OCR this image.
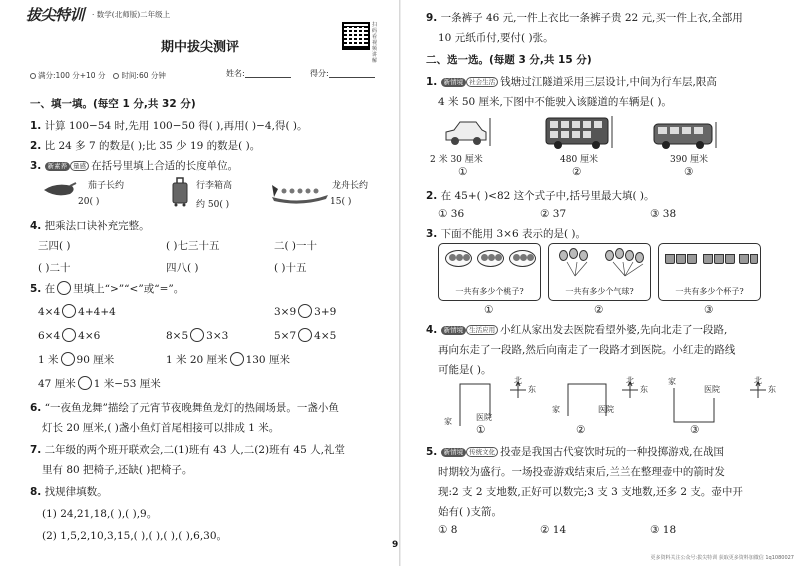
拔尖特训 · 数学(北师版)二年级上
扫码看视频讲解
期中拔尖测评
满分:100 分+10 分	时间:60 分钟	姓名:	得分:
一、填一填。(每空 1 分,共 32 分)
1. 计算 100−54 时,先用 100−50 得( ),再用( )−4,得( )。
2. 比 24 多 7 的数是( );比 35 少 19 的数是( )。
3. 新素养 量感 在括号里填上合适的长度单位。
茄子长约
20( )
行李箱高
约 50( )
龙舟长约
15( )
4. 把乘法口诀补充完整。
三四( )	( )七三十五	二( )一十
( )二十	四八( )	( )十五
5. 在 里填上“>”“<”或“=”。
4×4 4+4+4	3×9 3+9
6×4 4×6	8×5 3×3	5×7 4×5
1 米 90 厘米	1 米 20 厘米 130 厘米
47 厘米 1 米−53 厘米
6. “一夜鱼龙舞”描绘了元宵节夜晚舞鱼龙灯的热闹场景。一盏小鱼
灯长 20 厘米,( )盏小鱼灯首尾相接可以排成 1 米。
7. 二年级的两个班开联欢会,二(1)班有 43 人,二(2)班有 45 人,礼堂
里有 80 把椅子,还缺( )把椅子。
8. 找规律填数。
(1) 24,21,18,( ),( ),9。
(2) 1,5,2,10,3,15,( ),( ),( ),( ),6,30。
9. 一条裤子 46 元,一件上衣比一条裤子贵 22 元,买一件上衣,全部用
10 元纸币付,要付( )张。
二、选一选。(每题 3 分,共 15 分)
1. 新情境 社会生活 钱塘过江隧道采用三层设计,中间为行车层,限高
4 米 50 厘米,下图中不能驶入该隧道的车辆是( )。
2 米 30 厘米	480 厘米	390 厘米
①	②	③
2. 在 45+( )<82 这个式子中,括号里最大填( )。
① 36	② 37	③ 38
3. 下面不能用 3×6 表示的是( )。
一共有多少个桃子?	一共有多少个气球?	一共有多少个杯子?
①	②	③
4. 新情境 生活应用 小红从家出发去医院看望外婆,先向北走了一段路,
再向东走了一段路,然后向南走了一段路才到医院。小红走的路线
可能是( )。
北
东
家	医院
北
东
家	医院
家
医院
北
东
①	②	③
5. 新情境 传统文化 投壶是我国古代宴饮时玩的一种投掷游戏,在战国
时期较为盛行。一场投壶游戏结束后,兰兰在整理壶中的箭时发
现:2 支 2 支地数,正好可以数完;3 支 3 支地数,还多 2 支。壶中开
始有( )支箭。
① 8	② 14	③ 18
更多资料关注公众号:拔尖特训 获取更多资料加微信 1q1080027
9
